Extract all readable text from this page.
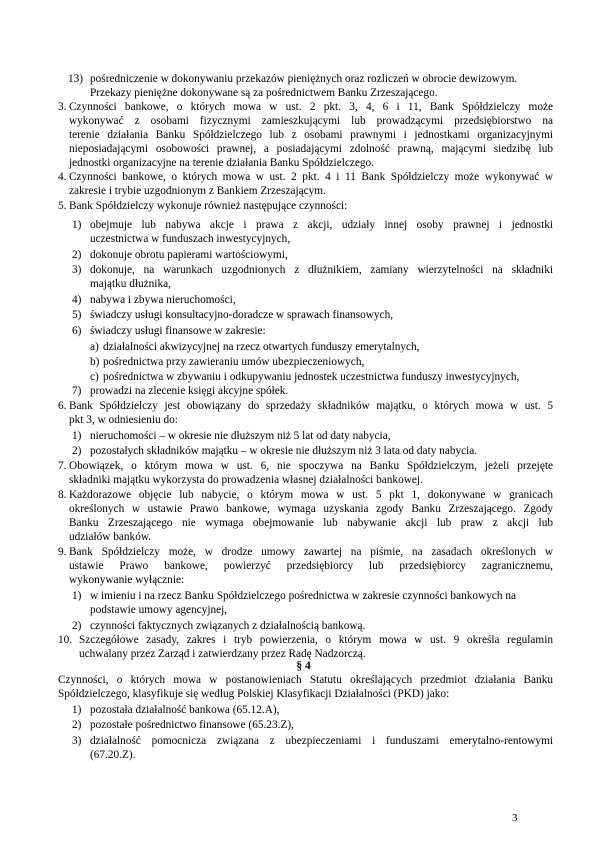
13) pośredniczenie w dokonywaniu przekazów pieniężnych oraz rozliczeń w obrocie dewizowym.
Przekazy pieniężne dokonywane są za pośrednictwem Banku Zrzeszającego.
3. Czynności bankowe, o których mowa w ust. 2 pkt. 3, 4, 6 i 11, Bank Spółdzielczy może
wykonywać z osobami fizycznymi zamieszkującymi lub prowadzącymi przedsiębiorstwo na
terenie działania Banku Spółdzielczego lub z osobami prawnymi i jednostkami organizacyjnymi
nieposiadającymi osobowości prawnej, a posiadającymi zdolność prawną, mającymi siedzibę lub
jednostki organizacyjne na terenie działania Banku Spółdzielczego.
4. Czynności bankowe, o których mowa w ust. 2 pkt. 4 i 11 Bank Spółdzielczy może wykonywać w
zakresie i trybie uzgodnionym z Bankiem Zrzeszającym.
5. Bank Spółdzielczy wykonuje również następujące czynności:
1) obejmuje lub nabywa akcje i prawa z akcji, udziały innej osoby prawnej i jednostki
uczestnictwa w funduszach inwestycyjnych,
2) dokonuje obrotu papierami wartościowymi,
3) dokonuje, na warunkach uzgodnionych z dłużnikiem, zamiany wierzytelności na składniki
majątku dłużnika,
4) nabywa i zbywa nieruchomości,
5) świadczy usługi konsultacyjno-doradcze w sprawach finansowych,
6) świadczy usługi finansowe w zakresie:
a) działalności akwizycyjnej na rzecz otwartych funduszy emerytalnych,
b) pośrednictwa przy zawieraniu umów ubezpieczeniowych,
c) pośrednictwa w zbywaniu i odkupywaniu jednostek uczestnictwa funduszy inwestycyjnych,
7) prowadzi na zlecenie księgi akcyjne spółek.
6. Bank Spółdzielczy jest obowiązany do sprzedaży składników majątku, o których mowa w ust. 5
pkt 3, w odniesieniu do:
1) nieruchomości – w okresie nie dłuższym niż 5 lat od daty nabycia,
2) pozostałych składników majątku – w okresie nie dłuższym niż 3 lata od daty nabycia.
7. Obowiązek, o którym mowa w ust. 6, nie spoczywa na Banku Spółdzielczym, jeżeli przejęte
składniki majątku wykorzysta do prowadzenia własnej działalności bankowej.
8. Każdorazowe objęcie lub nabycie, o którym mowa w ust. 5 pkt 1, dokonywane w granicach
określonych w ustawie Prawo bankowe, wymaga uzyskania zgody Banku Zrzeszającego. Zgody
Banku Zrzeszającego nie wymaga obejmowanie lub nabywanie akcji lub praw z akcji lub
udziałów banków.
9. Bank Spółdzielczy może, w drodze umowy zawartej na piśmie, na zasadach określonych w
ustawie Prawo bankowe, powierzyć przedsiębiorcy lub przedsiębiorcy zagranicznemu,
wykonywanie wyłącznie:
1) w imieniu i na rzecz Banku Spółdzielczego pośrednictwa w zakresie czynności bankowych na
podstawie umowy agencyjnej,
2) czynności faktycznych związanych z działalnością bankową.
10. Szczegółowe zasady, zakres i tryb powierzenia, o którym mowa w ust. 9 określa regulamin
uchwalany przez Zarząd i zatwierdzany przez Radę Nadzorczą.
§ 4
Czynności, o których mowa w postanowieniach Statutu określających przedmiot działania Banku
Spółdzielczego, klasyfikuje się według Polskiej Klasyfikacji Działalności (PKD) jako:
1) pozostała działalność bankowa (65.12.A),
2) pozostałe pośrednictwo finansowe (65.23.Z),
3) działalność pomocnicza związana z ubezpieczeniami i funduszami emerytalno-rentowymi
(67.20.Z).
3
